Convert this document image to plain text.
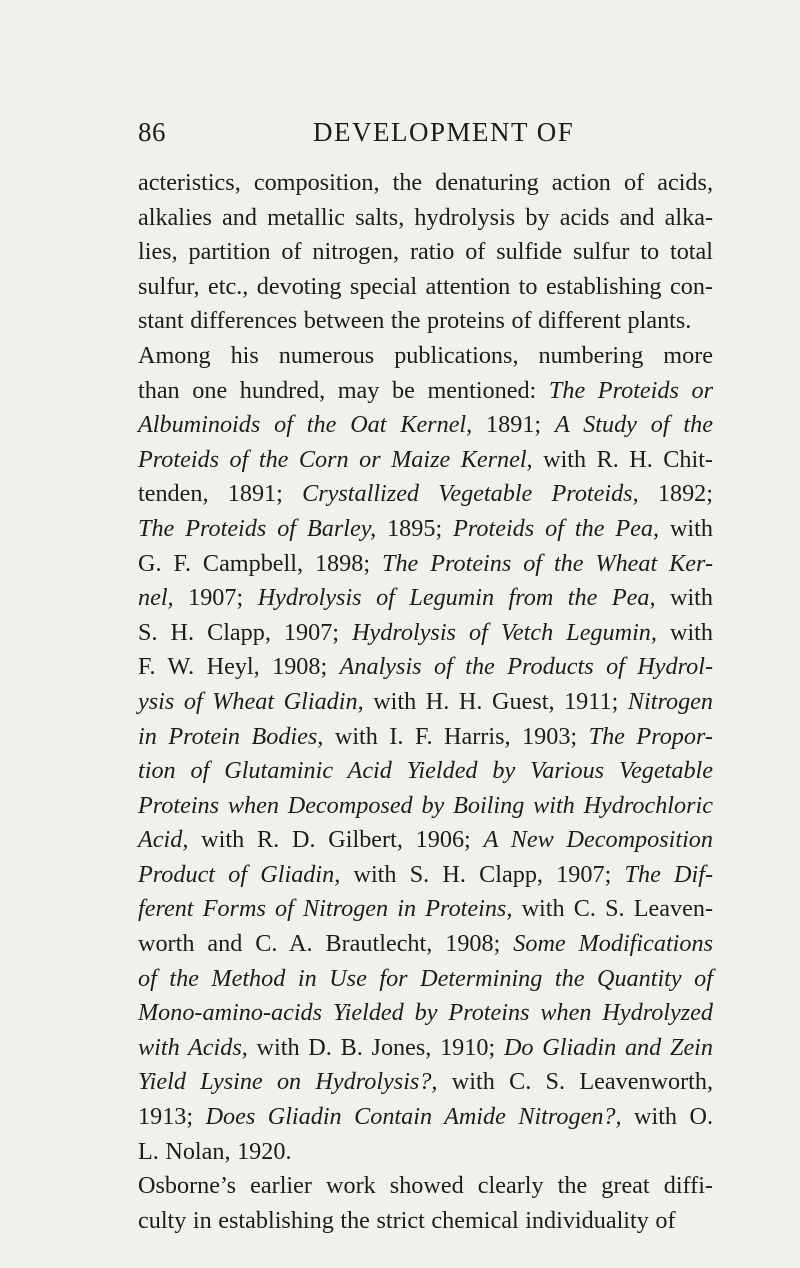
86	DEVELOPMENT OF
acteristics, composition, the denaturing action of acids,
alkalies and metallic salts, hydrolysis by acids and alka-
lies, partition of nitrogen, ratio of sulfide sulfur to total
sulfur, etc., devoting special attention to establishing con-
stant differences between the proteins of different plants.
Among his numerous publications, numbering more
than one hundred, may be mentioned: The Proteids or
Albuminoids of the Oat Kernel, 1891; A Study of the
Proteids of the Corn or Maize Kernel, with R. H. Chit-
tenden, 1891; Crystallized Vegetable Proteids, 1892;
The Proteids of Barley, 1895; Proteids of the Pea, with
G. F. Campbell, 1898; The Proteins of the Wheat Ker-
nel, 1907; Hydrolysis of Legumin from the Pea, with
S. H. Clapp, 1907; Hydrolysis of Vetch Legumin, with
F. W. Heyl, 1908; Analysis of the Products of Hydrol-
ysis of Wheat Gliadin, with H. H. Guest, 1911; Nitrogen
in Protein Bodies, with I. F. Harris, 1903; The Propor-
tion of Glutaminic Acid Yielded by Various Vegetable
Proteins when Decomposed by Boiling with Hydrochloric
Acid, with R. D. Gilbert, 1906; A New Decomposition
Product of Gliadin, with S. H. Clapp, 1907; The Dif-
ferent Forms of Nitrogen in Proteins, with C. S. Leaven-
worth and C. A. Brautlecht, 1908; Some Modifications
of the Method in Use for Determining the Quantity of
Mono-amino-acids Yielded by Proteins when Hydrolyzed
with Acids, with D. B. Jones, 1910; Do Gliadin and Zein
Yield Lysine on Hydrolysis?, with C. S. Leavenworth,
1913; Does Gliadin Contain Amide Nitrogen?, with O.
L. Nolan, 1920.
Osborne’s earlier work showed clearly the great diffi-
culty in establishing the strict chemical individuality of
